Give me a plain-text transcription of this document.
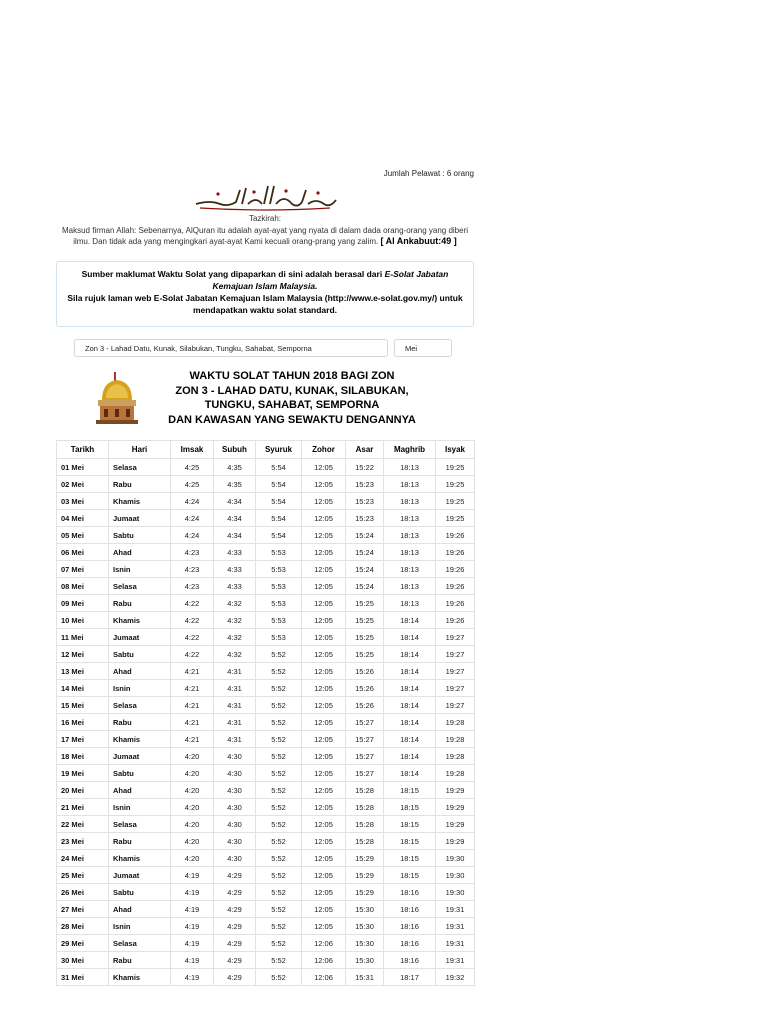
Jumlah Pelawat : 6 orang
Tazkirah:
Maksud firman Allah: Sebenarnya, AlQuran itu adalah ayat-ayat yang nyata di dalam dada orang-orang yang diberi ilmu. Dan tidak ada yang mengingkari ayat-ayat Kami kecuali orang-prang yang zalim. [ Al Ankabuut:49 ]
Sumber maklumat Waktu Solat yang dipaparkan di sini adalah berasal dari E-Solat Jabatan Kemajuan Islam Malaysia.
Sila rujuk laman web E-Solat Jabatan Kemajuan Islam Malaysia (http://www.e-solat.gov.my/) untuk mendapatkan waktu solat standard.
Zon 3 - Lahad Datu, Kunak, Silabukan, Tungku, Sahabat, Semporna	Mei
WAKTU SOLAT TAHUN 2018 BAGI ZON
ZON 3 - LAHAD DATU, KUNAK, SILABUKAN,
TUNGKU, SAHABAT, SEMPORNA
DAN KAWASAN YANG SEWAKTU DENGANNYA
Tarikh	Hari	Imsak	Subuh	Syuruk	Zohor	Asar	Maghrib	Isyak
01 Mei	Selasa	4:25	4:35	5:54	12:05	15:22	18:13	19:25
02 Mei	Rabu	4:25	4:35	5:54	12:05	15:23	18:13	19:25
03 Mei	Khamis	4:24	4:34	5:54	12:05	15:23	18:13	19:25
04 Mei	Jumaat	4:24	4:34	5:54	12:05	15:23	18:13	19:25
05 Mei	Sabtu	4:24	4:34	5:54	12:05	15:24	18:13	19:26
06 Mei	Ahad	4:23	4:33	5:53	12:05	15:24	18:13	19:26
07 Mei	Isnin	4:23	4:33	5:53	12:05	15:24	18:13	19:26
08 Mei	Selasa	4:23	4:33	5:53	12:05	15:24	18:13	19:26
09 Mei	Rabu	4:22	4:32	5:53	12:05	15:25	18:13	19:26
10 Mei	Khamis	4:22	4:32	5:53	12:05	15:25	18:14	19:26
11 Mei	Jumaat	4:22	4:32	5:53	12:05	15:25	18:14	19:27
12 Mei	Sabtu	4:22	4:32	5:52	12:05	15:25	18:14	19:27
13 Mei	Ahad	4:21	4:31	5:52	12:05	15:26	18:14	19:27
14 Mei	Isnin	4:21	4:31	5:52	12:05	15:26	18:14	19:27
15 Mei	Selasa	4:21	4:31	5:52	12:05	15:26	18:14	19:27
16 Mei	Rabu	4:21	4:31	5:52	12:05	15:27	18:14	19:28
17 Mei	Khamis	4:21	4:31	5:52	12:05	15:27	18:14	19:28
18 Mei	Jumaat	4:20	4:30	5:52	12:05	15:27	18:14	19:28
19 Mei	Sabtu	4:20	4:30	5:52	12:05	15:27	18:14	19:28
20 Mei	Ahad	4:20	4:30	5:52	12:05	15:28	18:15	19:29
21 Mei	Isnin	4:20	4:30	5:52	12:05	15:28	18:15	19:29
22 Mei	Selasa	4:20	4:30	5:52	12:05	15:28	18:15	19:29
23 Mei	Rabu	4:20	4:30	5:52	12:05	15:28	18:15	19:29
24 Mei	Khamis	4:20	4:30	5:52	12:05	15:29	18:15	19:30
25 Mei	Jumaat	4:19	4:29	5:52	12:05	15:29	18:15	19:30
26 Mei	Sabtu	4:19	4:29	5:52	12:05	15:29	18:16	19:30
27 Mei	Ahad	4:19	4:29	5:52	12:05	15:30	18:16	19:31
28 Mei	Isnin	4:19	4:29	5:52	12:05	15:30	18:16	19:31
29 Mei	Selasa	4:19	4:29	5:52	12:06	15:30	18:16	19:31
30 Mei	Rabu	4:19	4:29	5:52	12:06	15:30	18:16	19:31
31 Mei	Khamis	4:19	4:29	5:52	12:06	15:31	18:17	19:32
